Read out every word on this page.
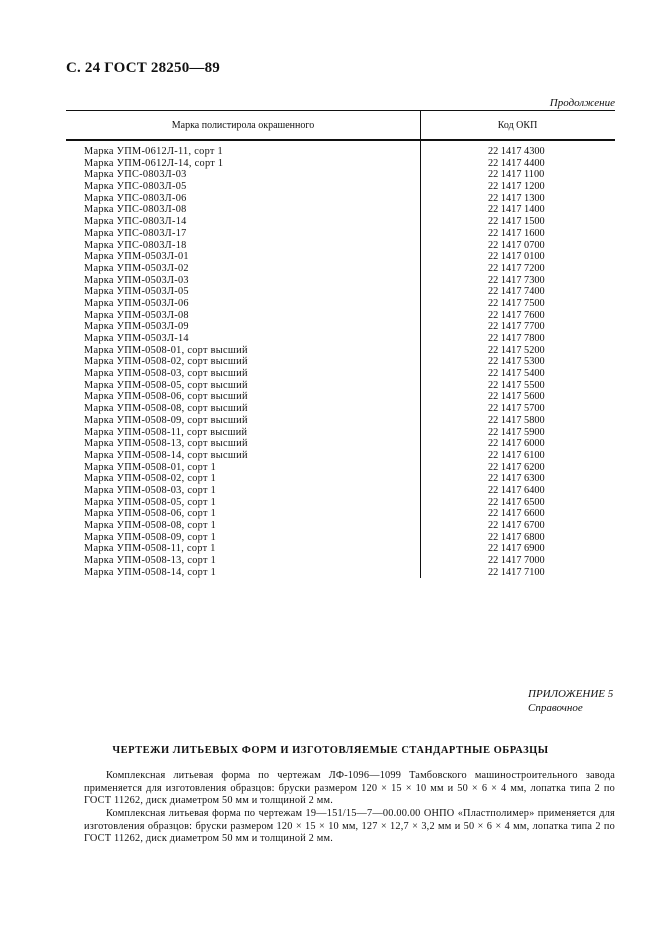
С. 24 ГОСТ 28250—89
Продолжение
Марка полистирола окрашенного	Код ОКП
Марка УПМ-0612Л-11, сорт 1	22 1417 4300
Марка УПМ-0612Л-14, сорт 1	22 1417 4400
Марка УПС-0803Л-03	22 1417 1100
Марка УПС-0803Л-05	22 1417 1200
Марка УПС-0803Л-06	22 1417 1300
Марка УПС-0803Л-08	22 1417 1400
Марка УПС-0803Л-14	22 1417 1500
Марка УПС-0803Л-17	22 1417 1600
Марка УПС-0803Л-18	22 1417 0700
Марка УПМ-0503Л-01	22 1417 0100
Марка УПМ-0503Л-02	22 1417 7200
Марка УПМ-0503Л-03	22 1417 7300
Марка УПМ-0503Л-05	22 1417 7400
Марка УПМ-0503Л-06	22 1417 7500
Марка УПМ-0503Л-08	22 1417 7600
Марка УПМ-0503Л-09	22 1417 7700
Марка УПМ-0503Л-14	22 1417 7800
Марка УПМ-0508-01, сорт высший	22 1417 5200
Марка УПМ-0508-02, сорт высший	22 1417 5300
Марка УПМ-0508-03, сорт высший	22 1417 5400
Марка УПМ-0508-05, сорт высший	22 1417 5500
Марка УПМ-0508-06, сорт высший	22 1417 5600
Марка УПМ-0508-08, сорт высший	22 1417 5700
Марка УПМ-0508-09, сорт высший	22 1417 5800
Марка УПМ-0508-11, сорт высший	22 1417 5900
Марка УПМ-0508-13, сорт высший	22 1417 6000
Марка УПМ-0508-14, сорт высший	22 1417 6100
Марка УПМ-0508-01, сорт 1	22 1417 6200
Марка УПМ-0508-02, сорт 1	22 1417 6300
Марка УПМ-0508-03, сорт 1	22 1417 6400
Марка УПМ-0508-05, сорт 1	22 1417 6500
Марка УПМ-0508-06, сорт 1	22 1417 6600
Марка УПМ-0508-08, сорт 1	22 1417 6700
Марка УПМ-0508-09, сорт 1	22 1417 6800
Марка УПМ-0508-11, сорт 1	22 1417 6900
Марка УПМ-0508-13, сорт 1	22 1417 7000
Марка УПМ-0508-14, сорт 1	22 1417 7100
ПРИЛОЖЕНИЕ 5
Справочное
ЧЕРТЕЖИ ЛИТЬЕВЫХ ФОРМ И ИЗГОТОВЛЯЕМЫЕ СТАНДАРТНЫЕ ОБРАЗЦЫ
Комплексная литьевая форма по чертежам ЛФ-1096—1099 Тамбовского машиностроительного завода применяется для изготовления образцов: бруски размером 120 × 15 × 10 мм и 50 × 6 × 4 мм, лопатка типа 2 по ГОСТ 11262, диск диаметром 50 мм и толщиной 2 мм.
Комплексная литьевая форма по чертежам 19—151/15—7—00.00.00 ОНПО «Пластполимер» применяется для изготовления образцов: бруски размером 120 × 15 × 10 мм, 127 × 12,7 × 3,2 мм и 50 × 6 × 4 мм, лопатка типа 2 по ГОСТ 11262, диск диаметром 50 мм и толщиной 2 мм.
